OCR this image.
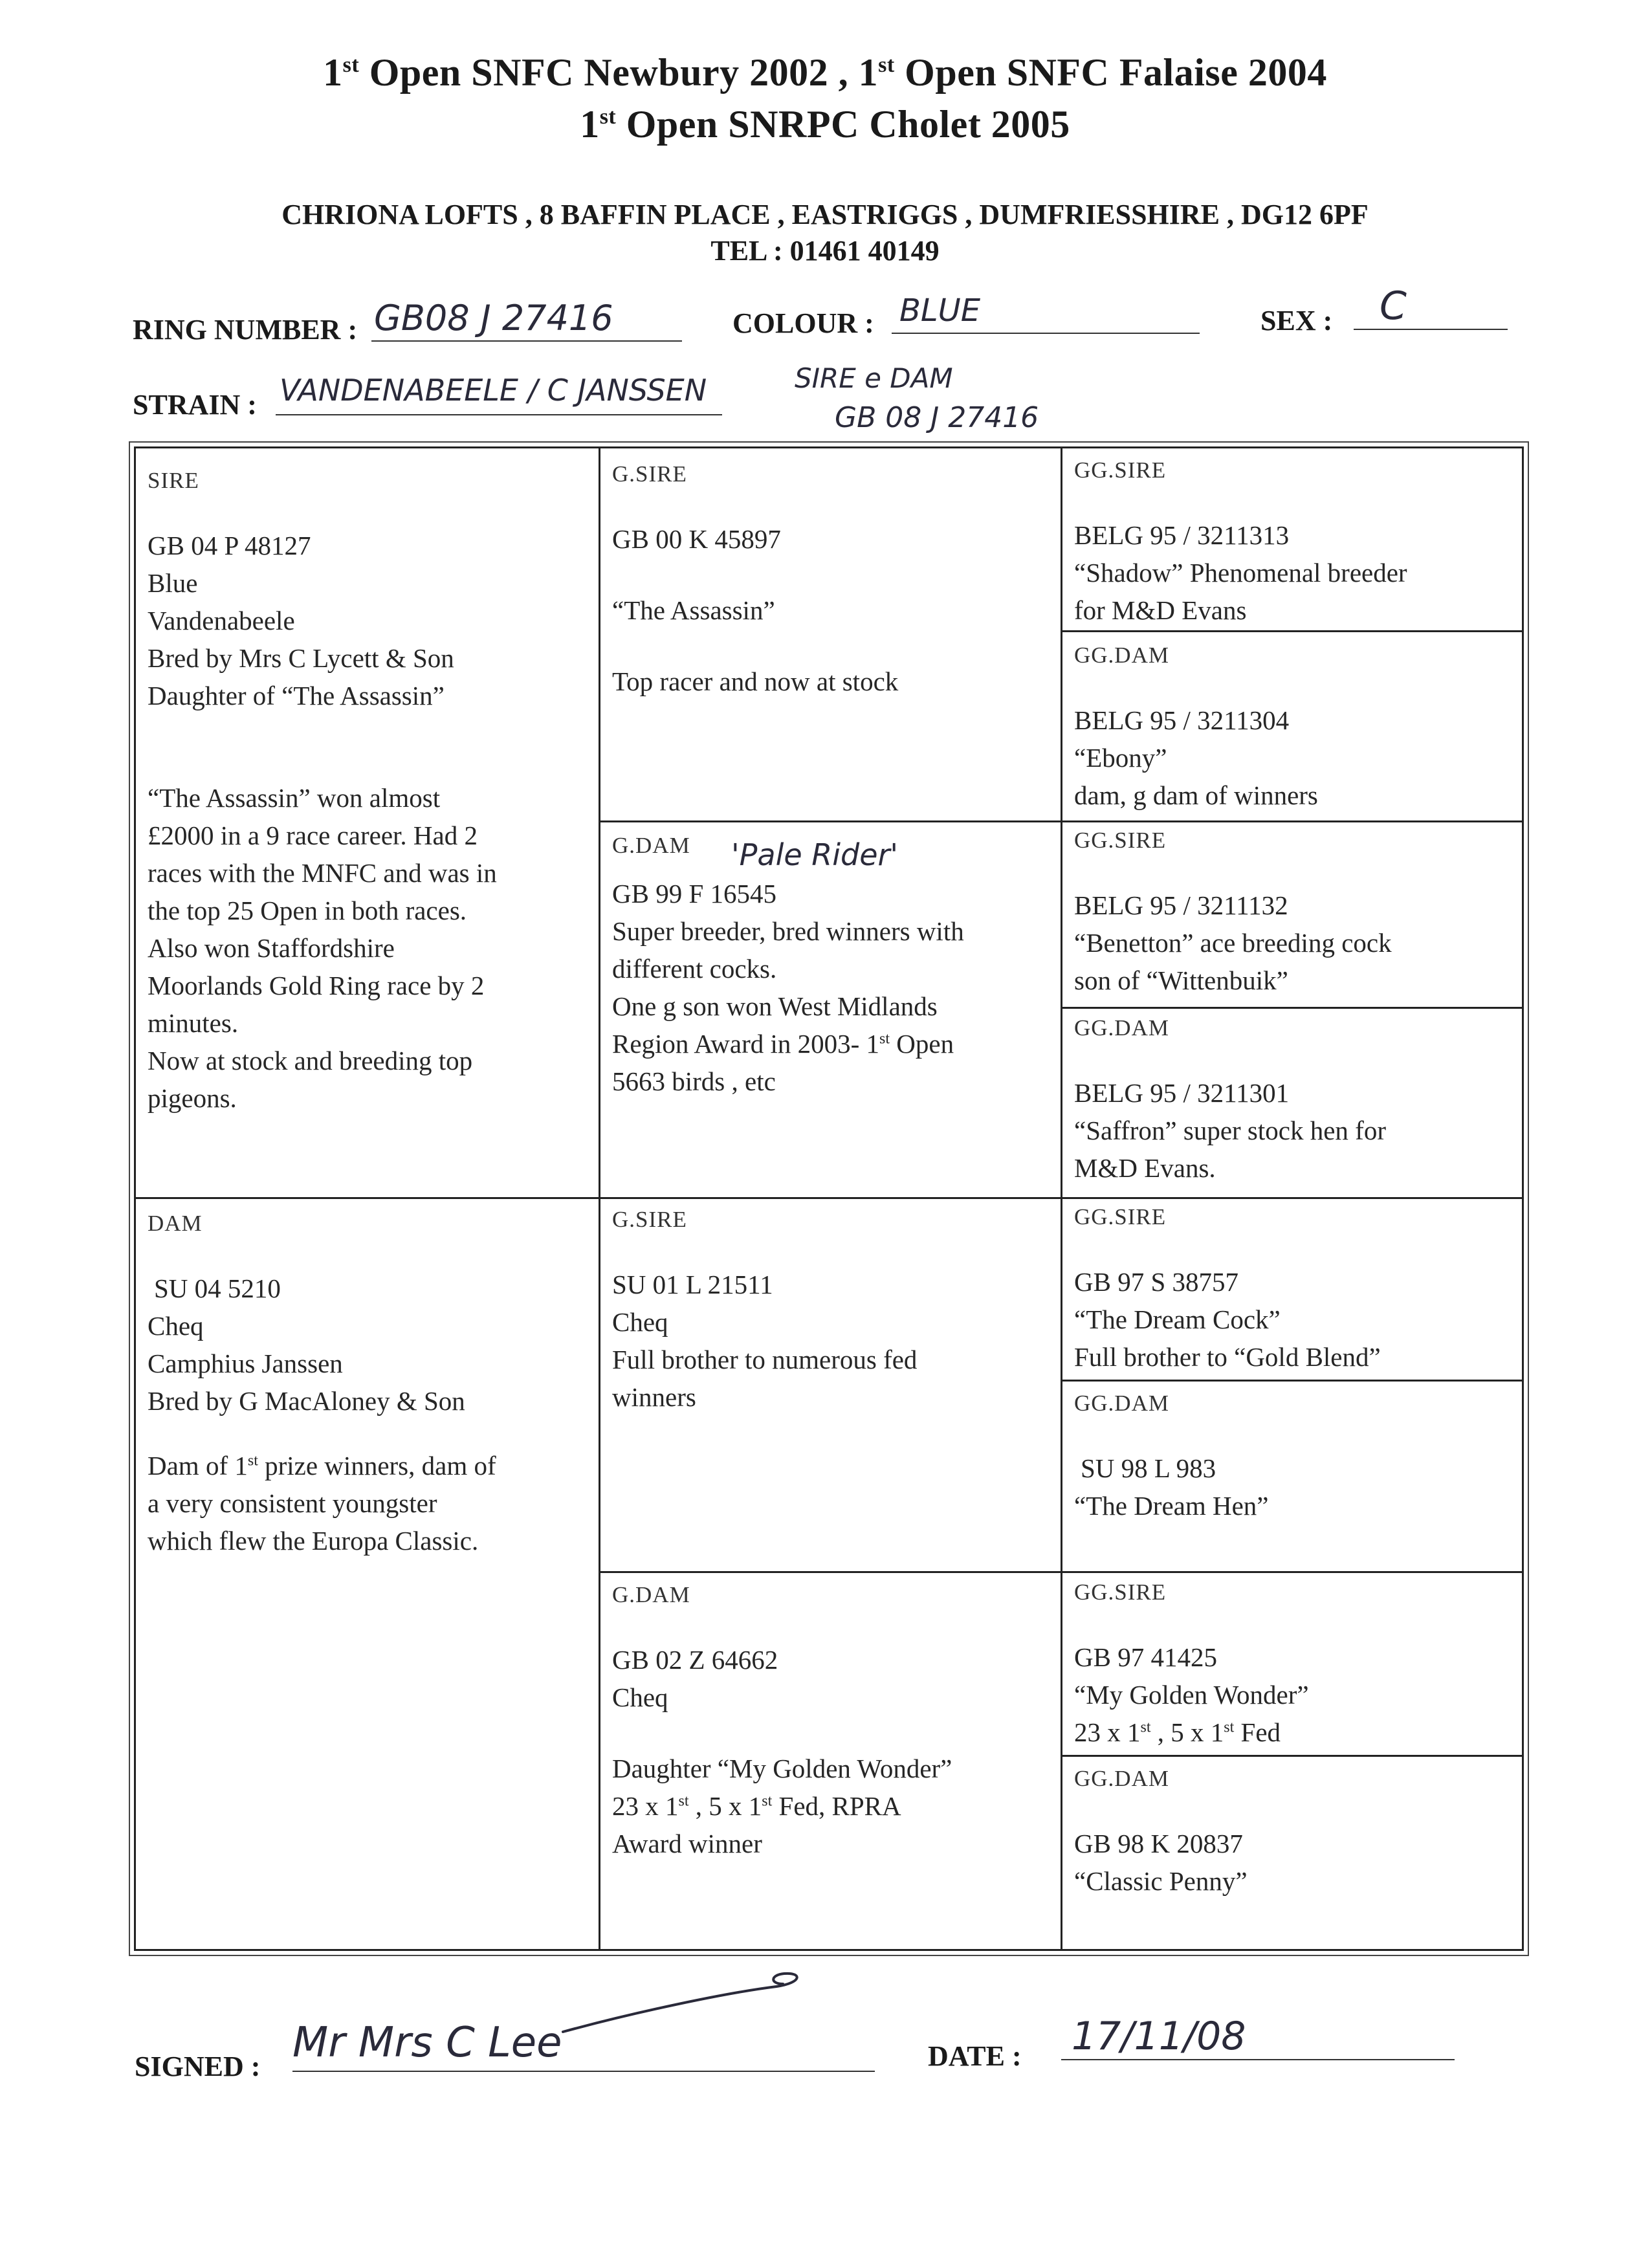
1st Open SNFC Newbury 2002 , 1st Open SNFC Falaise 2004
1st Open SNRPC Cholet 2005
CHRIONA LOFTS , 8 BAFFIN PLACE , EASTRIGGS , DUMFRIESSHIRE , DG12 6PF
TEL : 01461 40149
RING NUMBER : GB08 J 27416	COLOUR : BLUE	SEX : C
STRAIN : VANDENABEELE / C JANSSEN	SIRE e DAM
GB 08 J 27416
SIRE
GB 04 P 48127
Blue
Vandenabeele
Bred by Mrs C Lycett & Son
Daughter of “The Assassin”
“The Assassin” won almost
£2000 in a 9 race career. Had 2
races with the MNFC and was in
the top 25 Open in both races.
Also won Staffordshire
Moorlands Gold Ring race by 2
minutes.
Now at stock and breeding top
pigeons.
G.SIRE
GB 00 K 45897
“The Assassin”
Top racer and now at stock
GG.SIRE
BELG 95 / 3211313
“Shadow” Phenomenal breeder
for M&D Evans
GG.DAM
BELG 95 / 3211304
“Ebony”
dam, g dam of winners
G.DAM
GB 99 F 16545
Super breeder, bred winners with
different cocks.
One g son won West Midlands
Region Award in 2003- 1st Open
5663 birds , etc
'Pale Rider'	GG.SIRE
BELG 95 / 3211132
“Benetton” ace breeding cock
son of “Wittenbuik”
GG.DAM
BELG 95 / 3211301
“Saffron” super stock hen for
M&D Evans.
DAM
SU 04 5210
Cheq
Camphius Janssen
Bred by G MacAloney & Son
Dam of 1st prize winners, dam of
a very consistent youngster
which flew the Europa Classic.
G.SIRE
SU 01 L 21511
Cheq
Full brother to numerous fed
winners
GG.SIRE
GB 97 S 38757
“The Dream Cock”
Full brother to “Gold Blend”
GG.DAM
SU 98 L 983
“The Dream Hen”
G.DAM
GB 02 Z 64662
Cheq
Daughter “My Golden Wonder”
23 x 1st , 5 x 1st Fed, RPRA
Award winner
GG.SIRE
GB 97 41425
“My Golden Wonder”
23 x 1st , 5 x 1st Fed
GG.DAM
GB 98 K 20837
“Classic Penny”
SIGNED : Mr Mrs C Lee	DATE : 17/11/08
